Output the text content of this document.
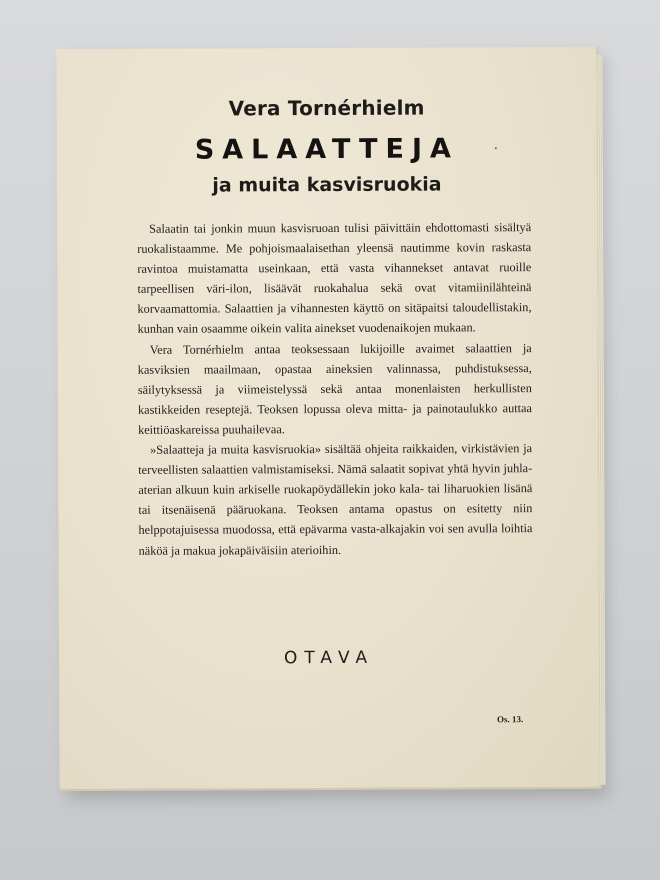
Vera Tornérhielm
SALAATTEJA
ja muita kasvisruokia

Salaatin tai jonkin muun kasvisruoan tulisi päivittäin ehdottomasti sisältyä ruokalistaamme. Me pohjoismaalaisethan yleensä nautimme kovin raskasta ravintoa muistamatta useinkaan, että vasta vihannekset antavat ruoille tarpeellisen väri-ilon, lisäävät ruokahalua sekä ovat vitamiinilähteinä korvaamattomia. Salaattien ja vihannesten käyttö on sitäpaitsi taloudellistakin, kunhan vain osaamme oikein valita ainekset vuodenaikojen mukaan.

Vera Tornérhielm antaa teoksessaan lukijoille avaimet salaattien ja kasviksien maailmaan, opastaa aineksien valinnassa, puhdistuksessa, säilytyksessä ja viimeistelyssä sekä antaa monenlaisten herkullisten kastikkeiden reseptejä. Teoksen lopussa oleva mitta- ja painotaulukko auttaa keittiöaskareissa puuhailevaa.

»Salaatteja ja muita kasvisruokia» sisältää ohjeita raikkaiden, virkistävien ja terveellisten salaattien valmistamiseksi. Nämä salaatit sopivat yhtä hyvin juhla-aterian alkuun kuin arkiselle ruokapöydällekin joko kala- tai liharuokien lisänä tai itsenäisenä pääruokana. Teoksen antama opastus on esitetty niin helppotajuisessa muodossa, että epävarma vasta-alkajakin voi sen avulla loihtia näköä ja makua jokapäiväisiin aterioihin.

OTAVA
Os. 13.
